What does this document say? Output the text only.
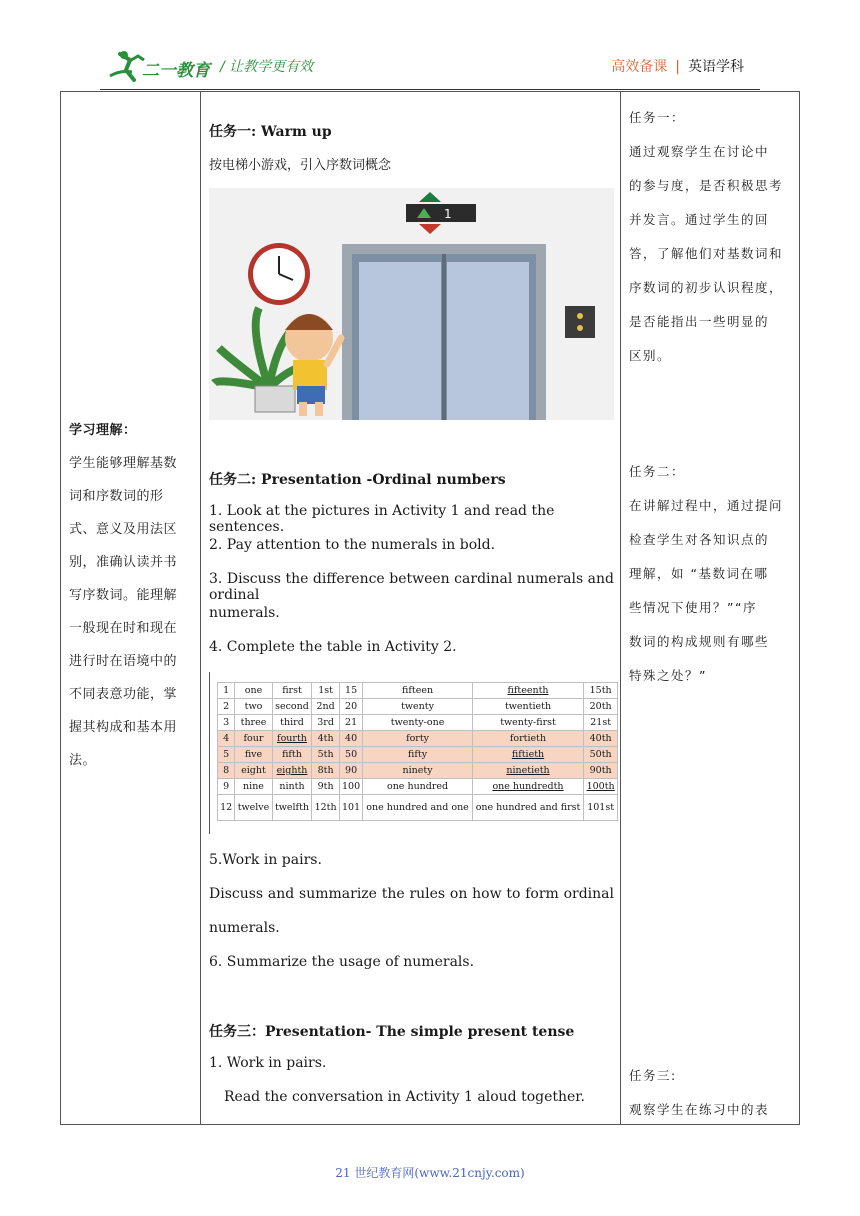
二一教育 / 让教学更有效	高效备课 | 英语学科
学习理解：
学生能够理解基数
词和序数词的形
式、意义及用法区
别，准确认读并书
写序数词。能理解
一般现在时和现在
进行时在语境中的
不同表意功能，掌
握其构成和基本用
法。
任务一: Warm up
按电梯小游戏，引入序数词概念
1
任务二: Presentation -Ordinal numbers
1. Look at the pictures in Activity 1 and read the sentences.
2. Pay attention to the numerals in bold.
3. Discuss the difference between cardinal numerals and ordinal
numerals.
4. Complete the table in Activity 2.
1	one	first	1st	15	fifteen	fifteenth	15th
2	two	second	2nd	20	twenty	twentieth	20th
3	three	third	3rd	21	twenty-one	twenty-first	21st
4	four	fourth	4th	40	forty	fortieth	40th
5	five	fifth	5th	50	fifty	fiftieth	50th
8	eight	eighth	8th	90	ninety	ninetieth	90th
9	nine	ninth	9th	100	one hundred	one hundredth	100th
12	twelve	twelfth	12th	101	one hundred and one	one hundred and first	101st
5.Work in pairs.
Discuss and summarize the rules on how to form ordinal
numerals.
6. Summarize the usage of numerals.
任务三：Presentation- The simple present tense
1. Work in pairs.
Read the conversation in Activity 1 aloud together.
任务一：
通过观察学生在讨论中
的参与度，是否积极思考
并发言。通过学生的回
答，了解他们对基数词和
序数词的初步认识程度，
是否能指出一些明显的
区别。
任务二：
在讲解过程中，通过提问
检查学生对各知识点的
理解，如 “基数词在哪
些情况下使用？”“序
数词的构成规则有哪些
特殊之处？”
任务三:
观察学生在练习中的表
21 世纪教育网(www.21cnjy.com)
